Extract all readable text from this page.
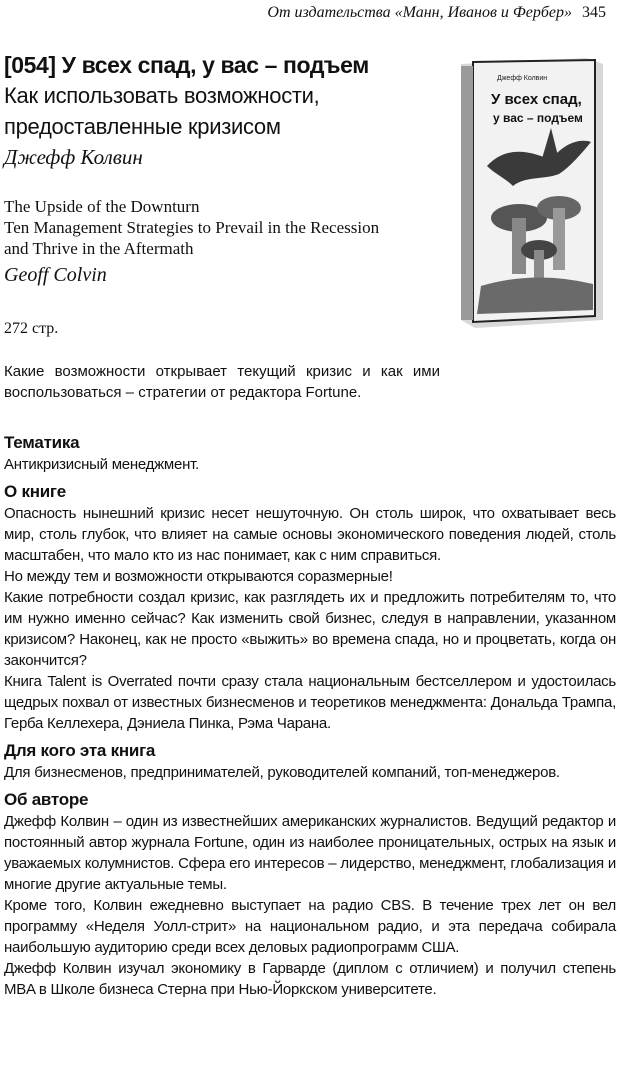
От издательства «Манн, Иванов и Фербер» 345
[054] У всех спад, у вас – подъем
Как использовать возможности,
предоставленные кризисом
Джефф Колвин
The Upside of the Downturn
Ten Management Strategies to Prevail in the Recession
and Thrive in the Aftermath
Geoff Colvin
272 стр.
Какие возможности открывает текущий кризис и как ими воспользоваться – стратегии от редактора Fortune.
Джефф Колвин
У всех спад,
у вас – подъем
Тематика

Антикризисный менеджмент.

О книге

Опасность нынешний кризис несет нешуточную. Он столь широк, что охватывает весь мир, столь глубок, что влияет на самые основы экономического поведения людей, столь масштабен, что мало кто из нас понимает, как с ним справиться.

Но между тем и возможности открываются соразмерные!

Какие потребности создал кризис, как разглядеть их и предложить потребителям то, что им нужно именно сейчас? Как изменить свой бизнес, следуя в направлении, указанном кризисом? Наконец, как не просто «выжить» во времена спада, но и процветать, когда он закончится?

Книга Talent is Overrated почти сразу стала национальным бестселлером и удостоилась щедрых похвал от известных бизнесменов и теоретиков менеджмента: Дональда Трампа, Герба Келлехера, Дэниела Пинка, Рэма Чарана.

Для кого эта книга

Для бизнесменов, предпринимателей, руководителей компаний, топ-менеджеров.

Об авторе

Джефф Колвин – один из известнейших американских журналистов. Ведущий редактор и постоянный автор журнала Fortune, один из наиболее проницательных, острых на язык и уважаемых колумнистов. Сфера его интересов – лидерство, менеджмент, глобализация и многие другие актуальные темы.

Кроме того, Колвин ежедневно выступает на радио CBS. В течение трех лет он вел программу «Неделя Уолл-стрит» на национальном радио, и эта передача собирала наибольшую аудиторию среди всех деловых радиопрограмм США.

Джефф Колвин изучал экономику в Гарварде (диплом с отличием) и получил степень MBA в Школе бизнеса Стерна при Нью-Йоркском университете.
